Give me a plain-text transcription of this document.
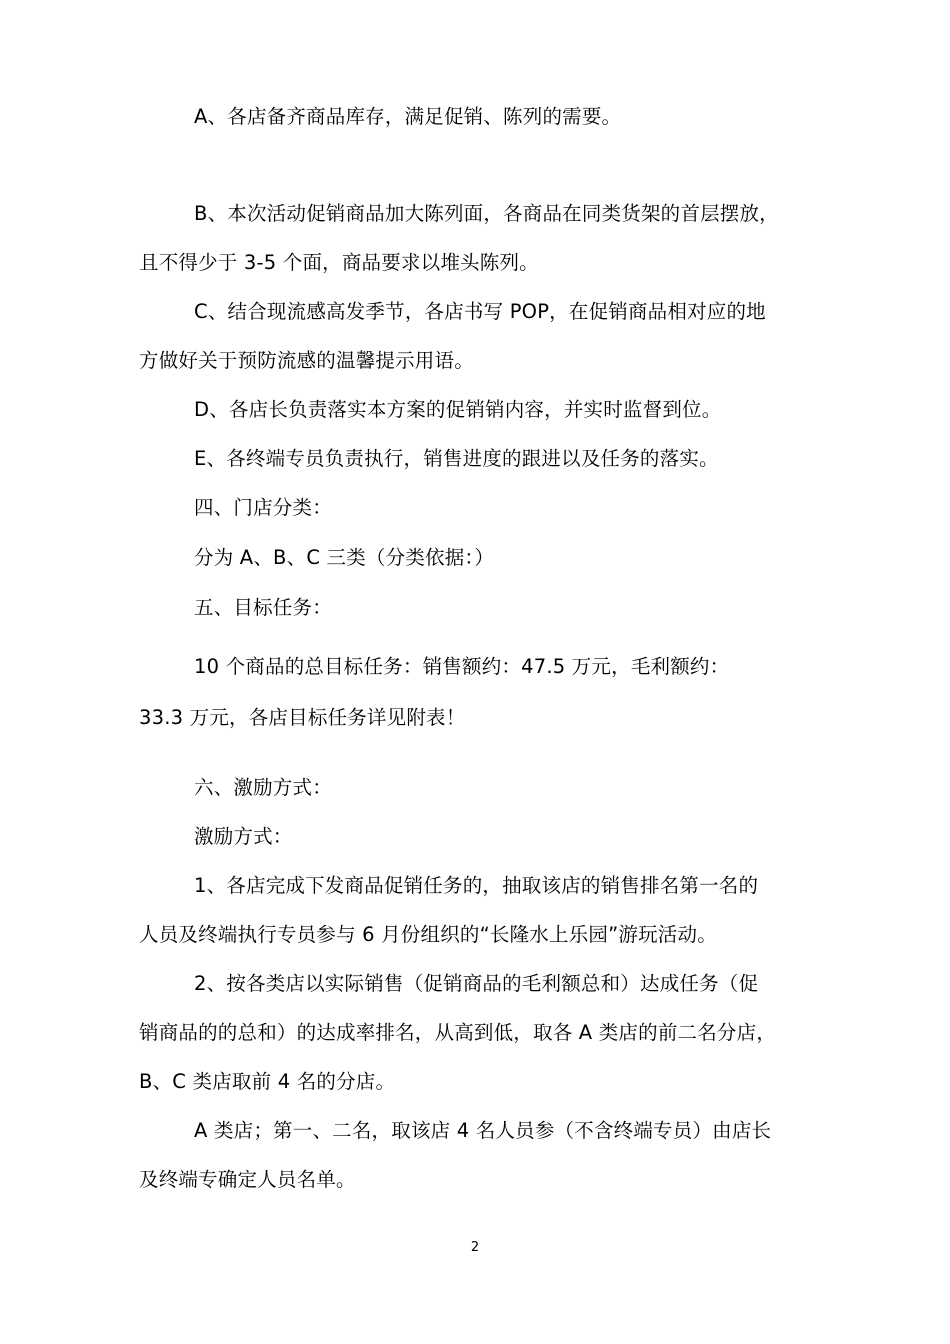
A、各店备齐商品库存，满足促销、陈列的需要。

B、本次活动促销商品加大陈列面，各商品在同类货架的首层摆放，

且不得少于 3-5 个面，商品要求以堆头陈列。

C、结合现流感高发季节，各店书写 POP，在促销商品相对应的地

方做好关于预防流感的温馨提示用语。

D、各店长负责落实本方案的促销销内容，并实时监督到位。

E、各终端专员负责执行，销售进度的跟进以及任务的落实。

四、门店分类：

分为 A、B、C 三类（分类依据：）

五、目标任务：

10 个商品的总目标任务：销售额约：47.5 万元，毛利额约：

33.3 万元，各店目标任务详见附表！

六、激励方式：

激励方式：

1、各店完成下发商品促销任务的，抽取该店的销售排名第一名的

人员及终端执行专员参与 6 月份组织的“长隆水上乐园”游玩活动。

2、按各类店以实际销售（促销商品的毛利额总和）达成任务（促

销商品的的总和）的达成率排名，从高到低，取各 A 类店的前二名分店，

B、C 类店取前 4 名的分店。

A 类店；第一、二名，取该店 4 名人员参（不含终端专员）由店长

及终端专确定人员名单。

2
